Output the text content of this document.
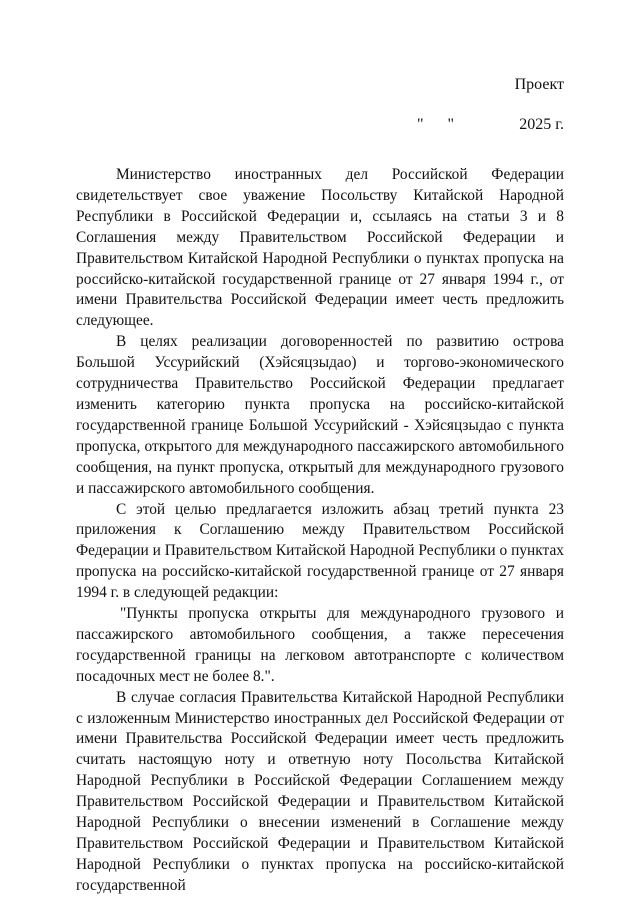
Проект
"      "	2025 г.

Министерство иностранных дел Российской Федерации свидетельствует свое уважение Посольству Китайской Народной Республики в Российской Федерации и, ссылаясь на статьи 3 и 8 Соглашения между Правительством Российской Федерации и Правительством Китайской Народной Республики о пунктах пропуска на российско-китайской государственной границе от 27 января 1994 г., от имени Правительства Российской Федерации имеет честь предложить следующее.

В целях реализации договоренностей по развитию острова Большой Уссурийский (Хэйсяцзыдао) и торгово-экономического сотрудничества Правительство Российской Федерации предлагает изменить категорию пункта пропуска на российско-китайской государственной границе Большой Уссурийский - Хэйсяцзыдао с пункта пропуска, открытого для международного пассажирского автомобильного сообщения, на пункт пропуска, открытый для международного грузового и пассажирского автомобильного сообщения.

С этой целью предлагается изложить абзац третий пункта 23 приложения к Соглашению между Правительством Российской Федерации и Правительством Китайской Народной Республики о пунктах пропуска на российско-китайской государственной границе от 27 января 1994 г. в следующей редакции:

"Пункты пропуска открыты для международного грузового и пассажирского автомобильного сообщения, а также пересечения государственной границы на легковом автотранспорте с количеством посадочных мест не более 8.".

В случае согласия Правительства Китайской Народной Республики с изложенным Министерство иностранных дел Российской Федерации от имени Правительства Российской Федерации имеет честь предложить считать настоящую ноту и ответную ноту Посольства Китайской Народной Республики в Российской Федерации Соглашением между Правительством Российской Федерации и Правительством Китайской Народной Республики о внесении изменений в Соглашение между Правительством Российской Федерации и Правительством Китайской Народной Республики о пунктах пропуска на российско-китайской государственной
